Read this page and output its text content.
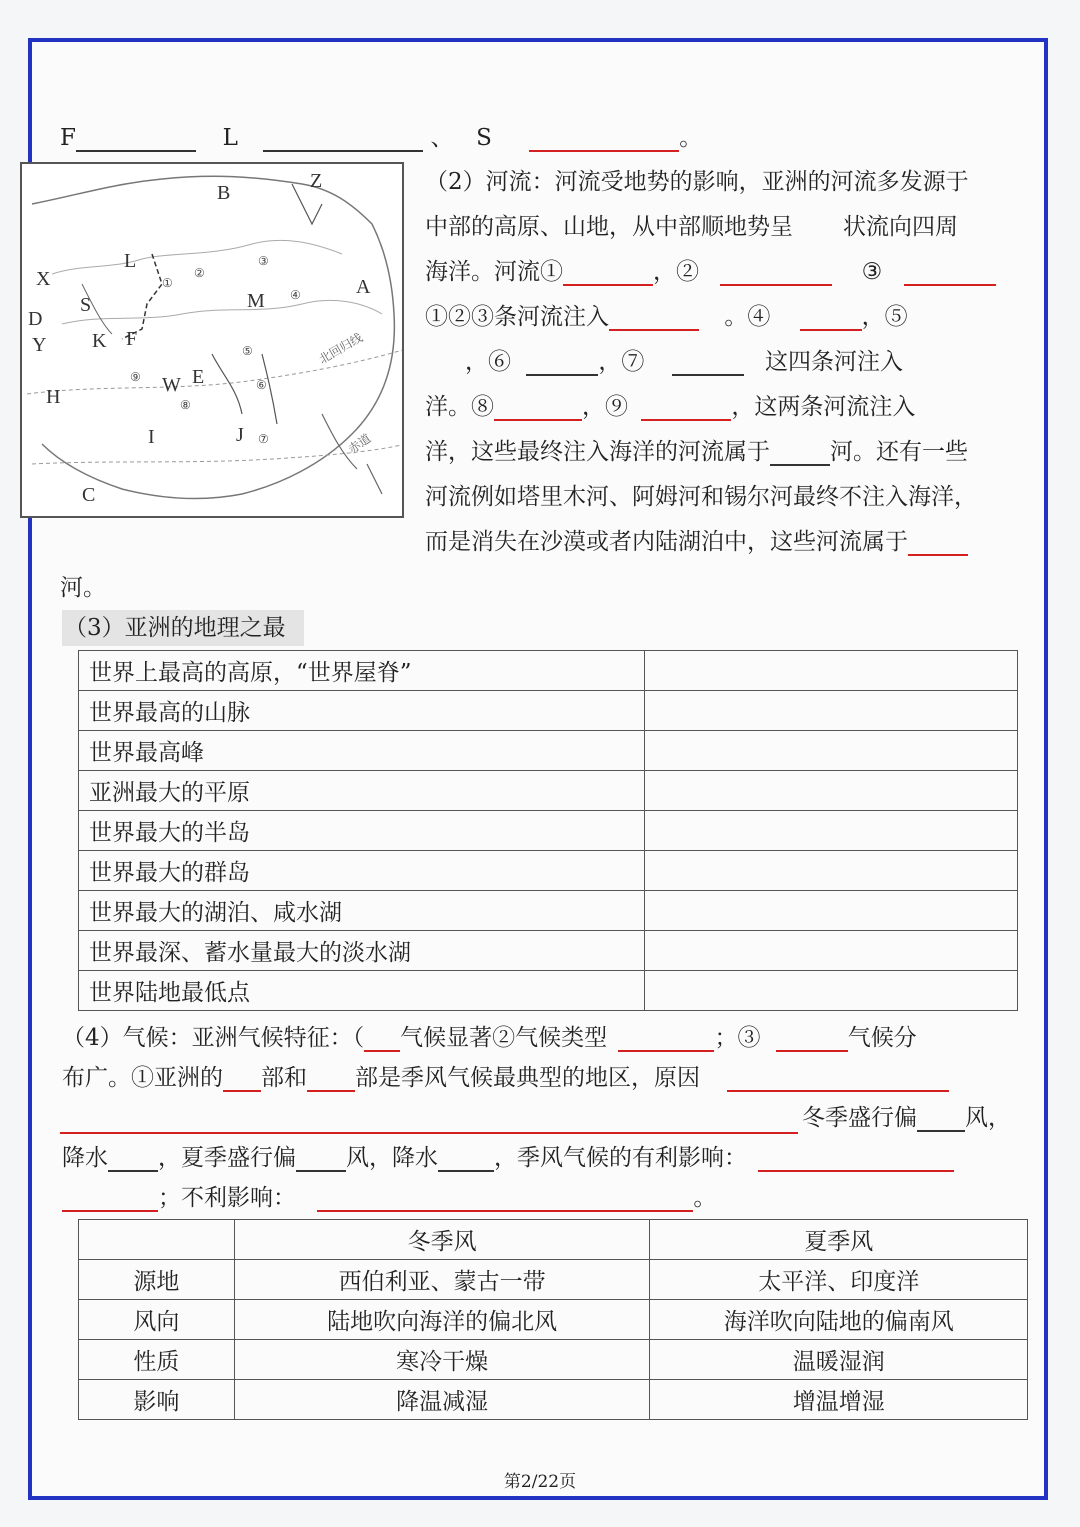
F	L	、 S	。
北回归线
赤道
B
Z
L
X
S
D
Y K F
M
A
W E
H
I	J
C
①
②
③
④
⑤
⑥
⑦
⑧
⑨
（2）河流：河流受地势的影响，亚洲的河流多发源于
中部的高原、山地，从中部顺地势呈 状流向四周
海洋。河流①	，②	③
①②③条河流注入	。④	，⑤
，⑥	，⑦	这四条河注入
洋。⑧	，⑨	，这两条河流注入
洋，这些最终注入海洋的河流属于	河。还有一些
河流例如塔里木河、阿姆河和锡尔河最终不注入海洋，
而是消失在沙漠或者内陆湖泊中，这些河流属于
河。
（3）亚洲的地理之最
世界上最高的高原，“世界屋脊”	
世界最高的山脉	
世界最高峰	
亚洲最大的平原	
世界最大的半岛	
世界最大的群岛	
世界最大的湖泊、咸水湖	
世界最深、蓄水量最大的淡水湖	
世界陆地最低点	
（4）气候：亚洲气候特征：（ 气候显著②气候类型	；③	气候分
布广。①亚洲的 部和 部是季风气候最典型的地区，原因
冬季盛行偏 风，
降水 ，夏季盛行偏 风，降水 ，季风气候的有利影响：
；不利影响：	。
	冬季风	夏季风
源地	西伯利亚、蒙古一带	太平洋、印度洋
风向	陆地吹向海洋的偏北风	海洋吹向陆地的偏南风
性质	寒冷干燥	温暖湿润
影响	降温减湿	增温增湿
第2/22页
